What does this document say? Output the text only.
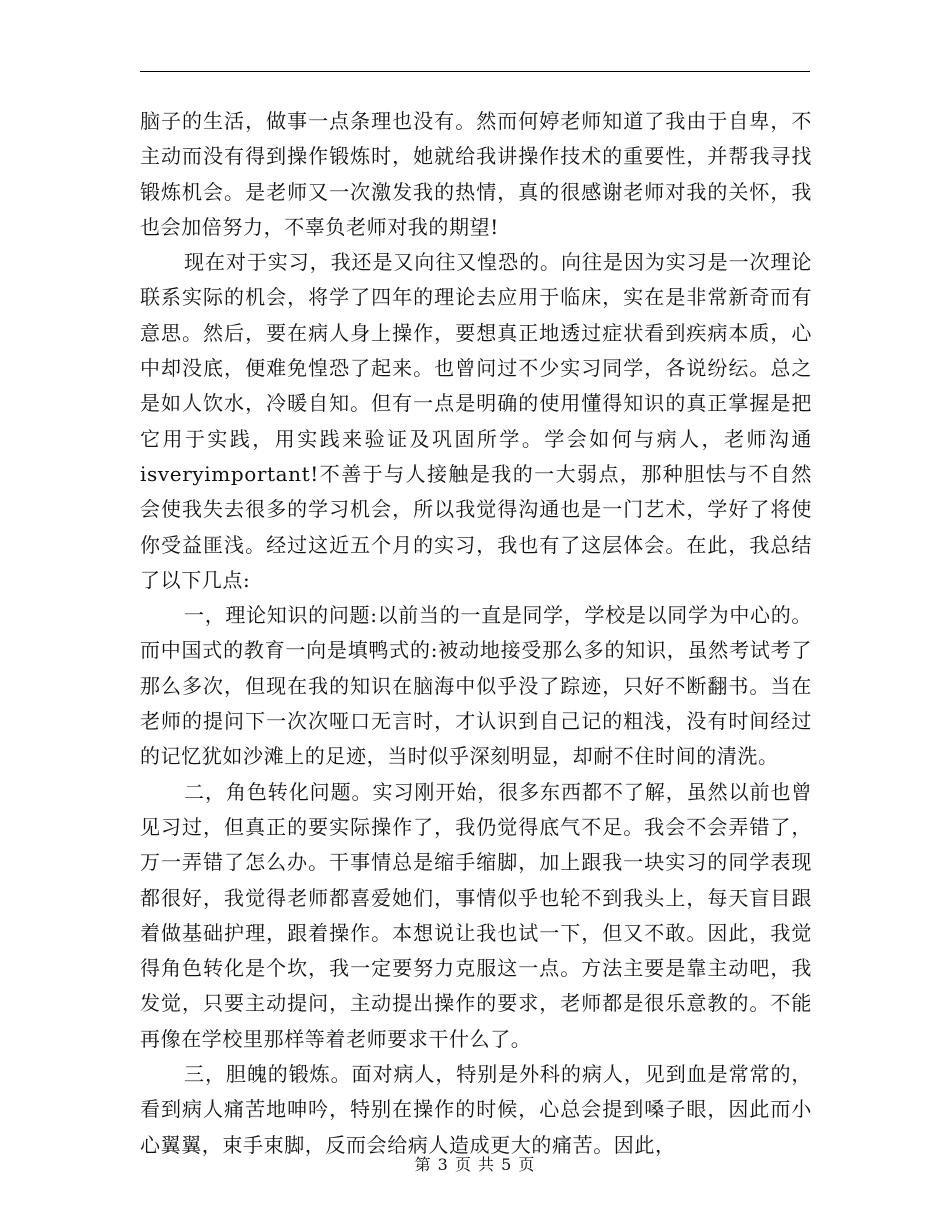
脑子的生活，做事一点条理也没有。然而何婷老师知道了我由于自卑，不主动而没有得到操作锻炼时，她就给我讲操作技术的重要性，并帮我寻找锻炼机会。是老师又一次激发我的热情，真的很感谢老师对我的关怀，我也会加倍努力，不辜负老师对我的期望!

现在对于实习，我还是又向往又惶恐的。向往是因为实习是一次理论联系实际的机会，将学了四年的理论去应用于临床，实在是非常新奇而有意思。然后，要在病人身上操作，要想真正地透过症状看到疾病本质，心中却没底，便难免惶恐了起来。也曾问过不少实习同学，各说纷纭。总之是如人饮水，冷暖自知。但有一点是明确的使用懂得知识的真正掌握是把它用于实践，用实践来验证及巩固所学。学会如何与病人，老师沟通isveryimportant!不善于与人接触是我的一大弱点，那种胆怯与不自然会使我失去很多的学习机会，所以我觉得沟通也是一门艺术，学好了将使你受益匪浅。经过这近五个月的实习，我也有了这层体会。在此，我总结了以下几点:

一，理论知识的问题:以前当的一直是同学，学校是以同学为中心的。而中国式的教育一向是填鸭式的:被动地接受那么多的知识，虽然考试考了那么多次，但现在我的知识在脑海中似乎没了踪迹，只好不断翻书。当在老师的提问下一次次哑口无言时，才认识到自己记的粗浅，没有时间经过的记忆犹如沙滩上的足迹，当时似乎深刻明显，却耐不住时间的清洗。

二，角色转化问题。实习刚开始，很多东西都不了解，虽然以前也曾见习过，但真正的要实际操作了，我仍觉得底气不足。我会不会弄错了，万一弄错了怎么办。干事情总是缩手缩脚，加上跟我一块实习的同学表现都很好，我觉得老师都喜爱她们，事情似乎也轮不到我头上，每天盲目跟着做基础护理，跟着操作。本想说让我也试一下，但又不敢。因此，我觉得角色转化是个坎，我一定要努力克服这一点。方法主要是靠主动吧，我发觉，只要主动提问，主动提出操作的要求，老师都是很乐意教的。不能再像在学校里那样等着老师要求干什么了。

三，胆魄的锻炼。面对病人，特别是外科的病人，见到血是常常的，看到病人痛苦地呻吟，特别在操作的时候，心总会提到嗓子眼，因此而小心翼翼，束手束脚，反而会给病人造成更大的痛苦。因此，

第 3 页 共 5 页
